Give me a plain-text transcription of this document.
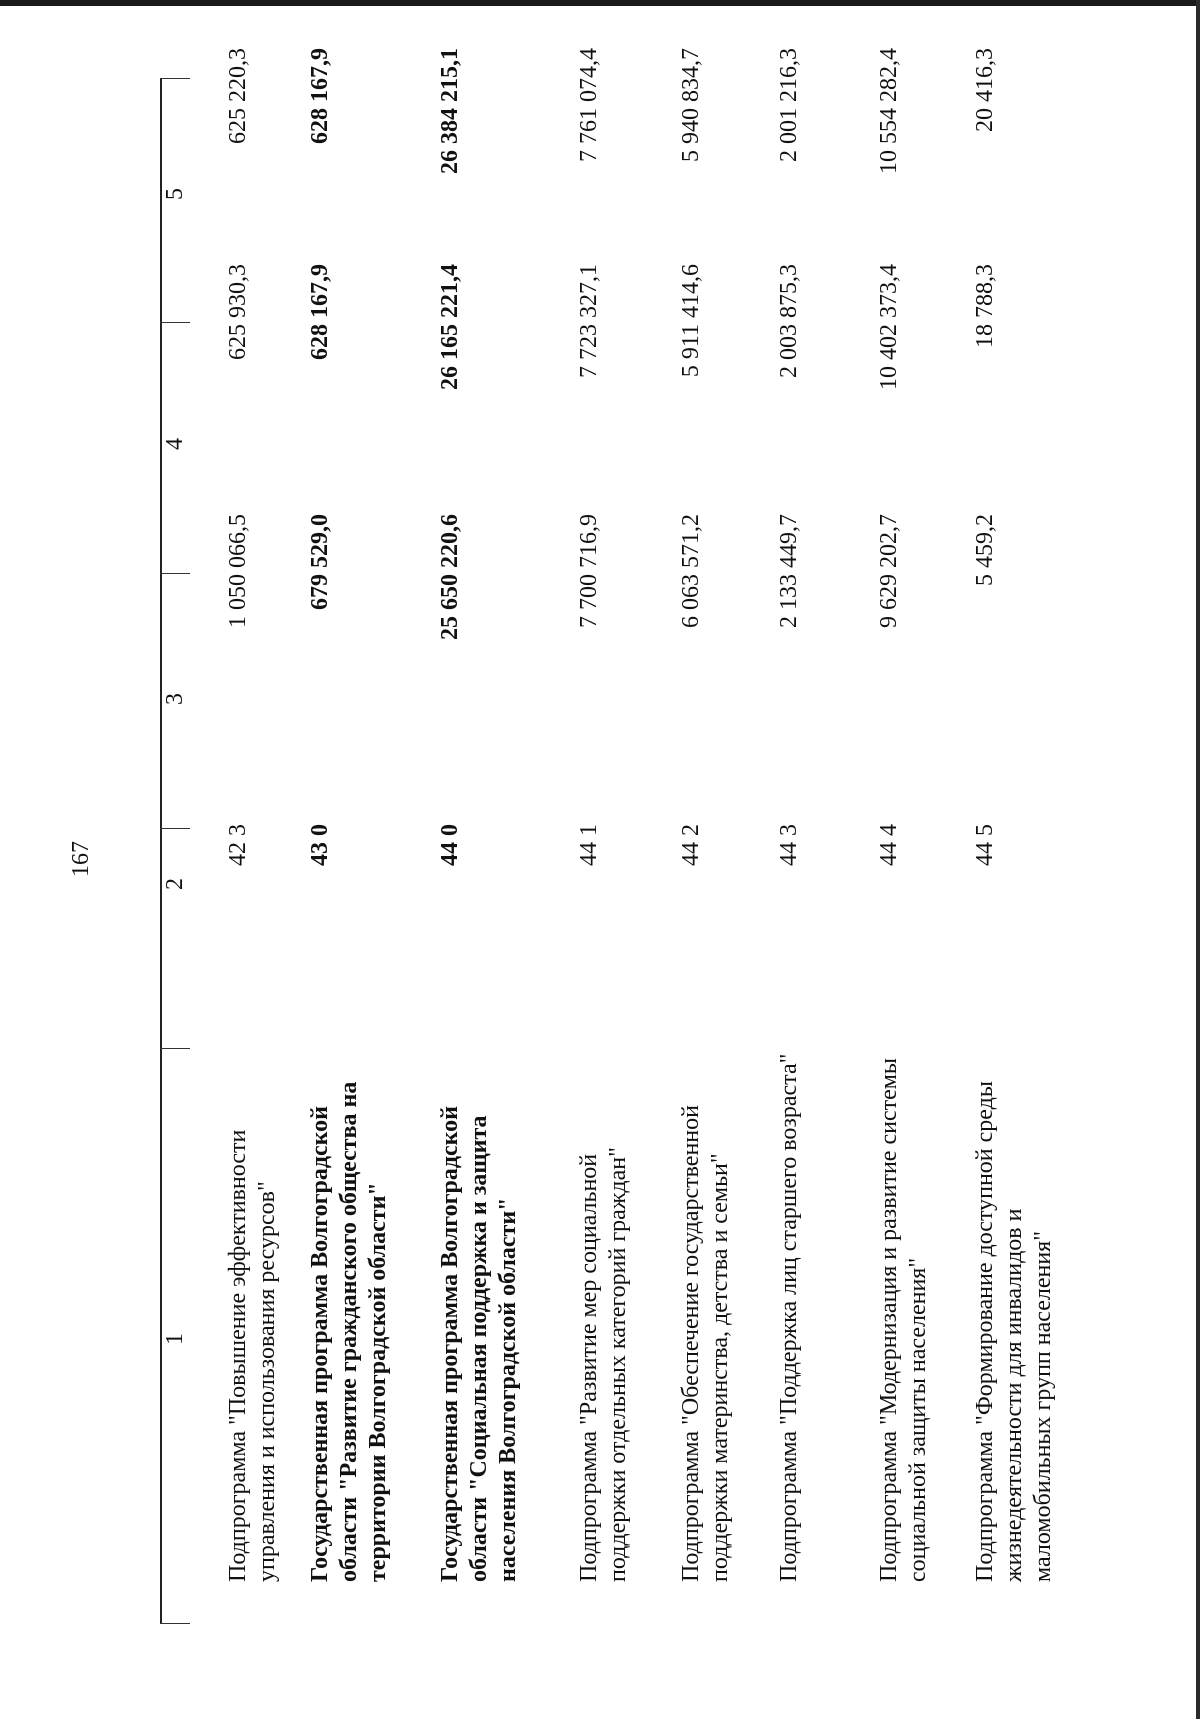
167
1
2
3
4
5
Подпрограмма "Повышение эффективности управления и использования ресурсов"
42 3
1 050 066,5
625 930,3
625 220,3
Государственная программа Волгоградской области "Развитие гражданского общества на территории Волгоградской области"
43 0
679 529,0
628 167,9
628 167,9
Государственная программа Волгоградской области "Социальная поддержка и защита населения Волгоградской области"
44 0
25 650 220,6
26 165 221,4
26 384 215,1
Подпрограмма "Развитие мер социальной поддержки отдельных категорий граждан"
44 1
7 700 716,9
7 723 327,1
7 761 074,4
Подпрограмма "Обеспечение государственной поддержки материнства, детства и семьи"
44 2
6 063 571,2
5 911 414,6
5 940 834,7
Подпрограмма "Поддержка лиц старшего возраста"
44 3
2 133 449,7
2 003 875,3
2 001 216,3
Подпрограмма "Модернизация и развитие системы социальной защиты населения"
44 4
9 629 202,7
10 402 373,4
10 554 282,4
Подпрограмма "Формирование доступной среды жизнедеятельности для инвалидов и маломобильных групп населения"
44 5
5 459,2
18 788,3
20 416,3
